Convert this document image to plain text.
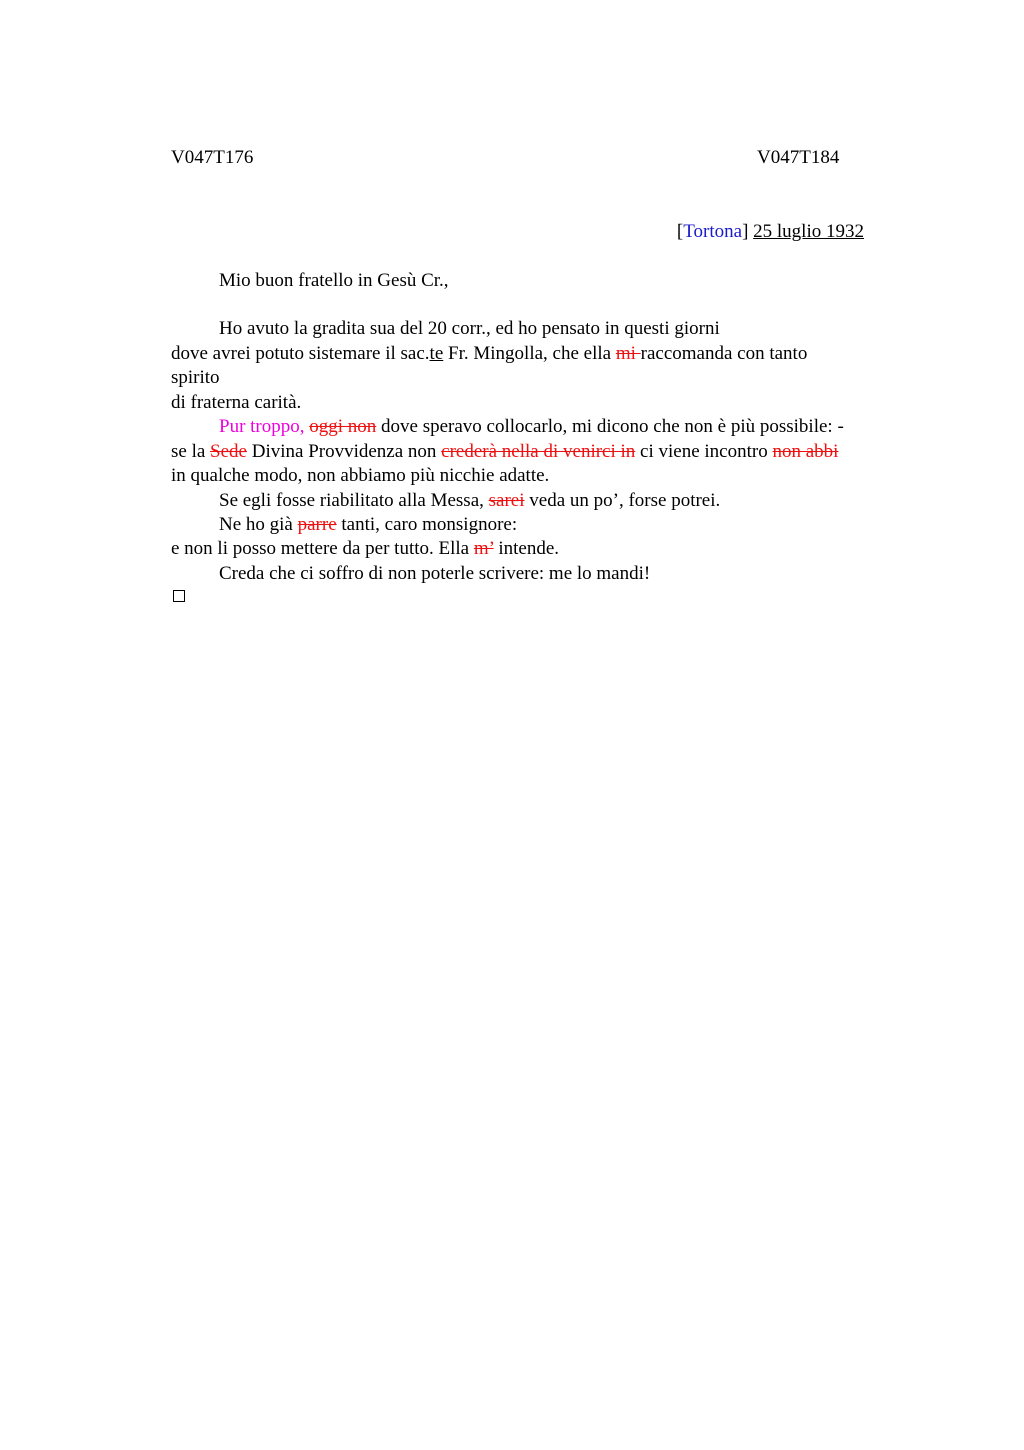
V047T176	V047T184
[Tortona] 25 luglio 1932
Mio buon fratello in Gesù Cr.,
Ho avuto la gradita sua del 20 corr., ed ho pensato in questi giorni
dove avrei potuto sistemare il sac.te Fr. Mingolla, che ella mi raccomanda con tanto
spirito
di fraterna carità.
Pur troppo, oggi non dove speravo collocarlo, mi dicono che non è più possibile: -
se la Sede Divina Provvidenza non crederà nella di venirci in ci viene incontro non abbi
in qualche modo, non abbiamo più nicchie adatte.
Se egli fosse riabilitato alla Messa, sarei veda un po’, forse potrei.
Ne ho già parre tanti, caro monsignore:
e non li posso mettere da per tutto. Ella m’ intende.
Creda che ci soffro di non poterle scrivere: me lo mandi!
